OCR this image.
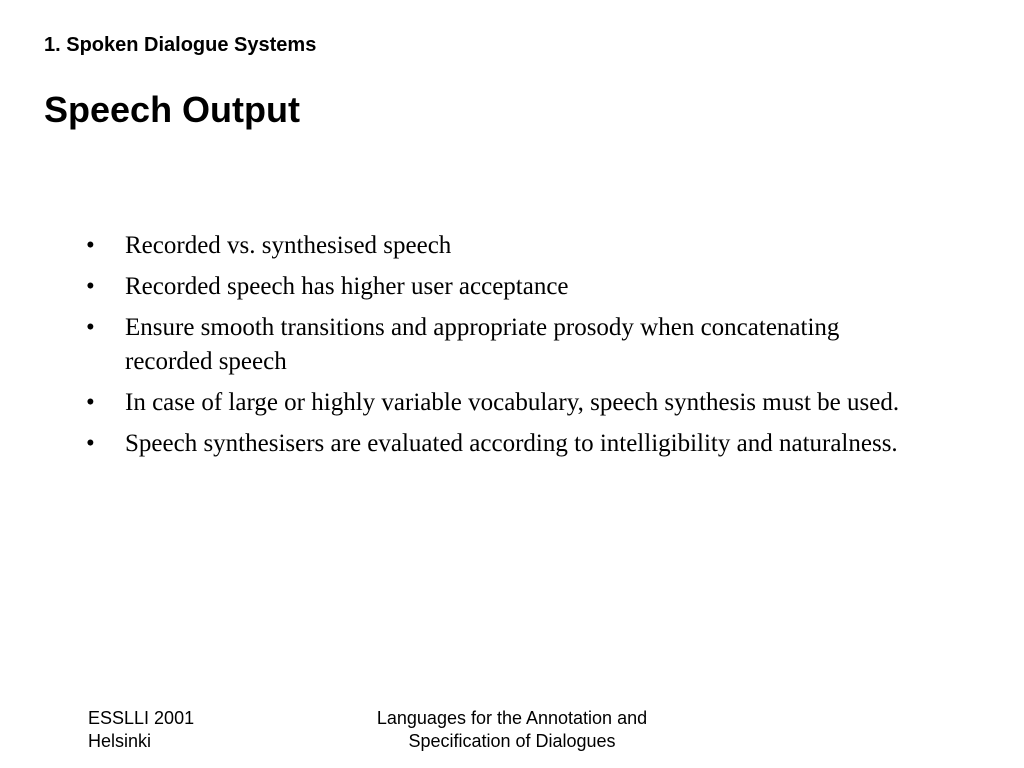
1. Spoken Dialogue Systems
Speech Output
• Recorded vs. synthesised speech
• Recorded speech has higher user acceptance
• Ensure smooth transitions and appropriate prosody when concatenating recorded speech
• In case of large or highly variable vocabulary, speech synthesis must be used.
• Speech synthesisers are evaluated according to intelligibility and naturalness.
ESSLLI 2001
Helsinki
Languages for the Annotation and
Specification of Dialogues
